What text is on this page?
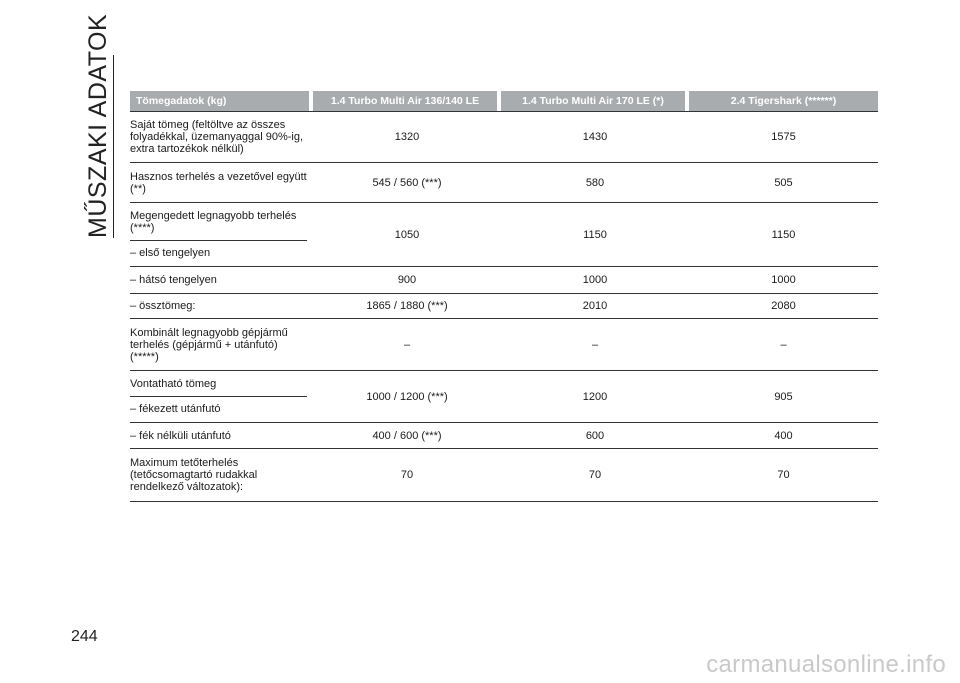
MŰSZAKI ADATOK	Tömegadatok (kg)	1.4 Turbo Multi Air 136/140 LE	1.4 Turbo Multi Air 170 LE (*)	2.4 Tigershark (******)
Saját tömeg (feltöltve az összes folyadékkal, üzemanyaggal 90%-ig, extra tartozékok nélkül)	1320	1430	1575
Hasznos terhelés a vezetővel együtt (**)	545 / 560 (***)	580	505

Megengedett legnagyobb terhelés (****)
– első tengelyen	1050	1150	1150
– hátsó tengelyen	900	1000	1000
– össztömeg:	1865 / 1880 (***)	2010	2080
Kombinált legnagyobb gépjármű terhelés (gépjármű + utánfutó) (*****)	–	–	–

Vontatható tömeg
– fékezett utánfutó	1000 / 1200 (***)	1200	905
– fék nélküli utánfutó	400 / 600 (***)	600	400
Maximum tetőterhelés (tetőcsomagtartó rudakkal rendelkező változatok):	70	70	70
244
carmanualsonline.info
